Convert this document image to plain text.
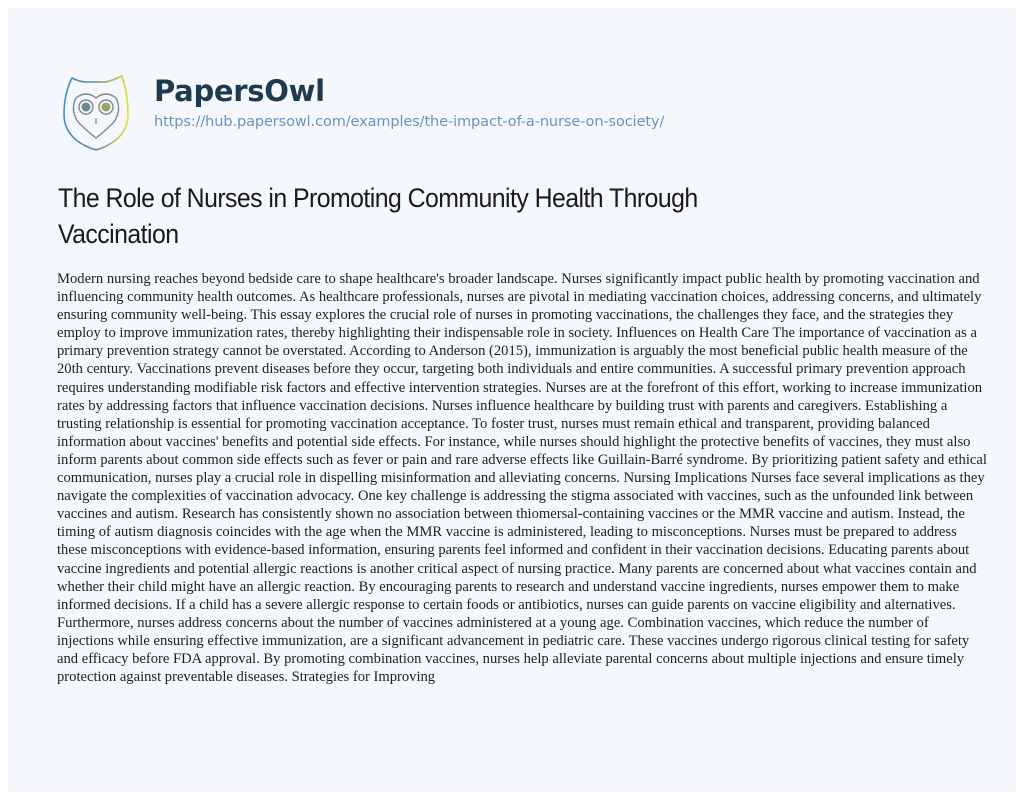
PapersOwl
https://hub.papersowl.com/examples/the-impact-of-a-nurse-on-society/
The Role of Nurses in Promoting Community Health Through Vaccination

Modern nursing reaches beyond bedside care to shape healthcare's broader landscape. Nurses significantly impact public health by promoting vaccination and influencing community health outcomes. As healthcare professionals, nurses are pivotal in mediating vaccination choices, addressing concerns, and ultimately ensuring community well-being. This essay explores the crucial role of nurses in promoting vaccinations, the challenges they face, and the strategies they employ to improve immunization rates, thereby highlighting their indispensable role in society. Influences on Health Care The importance of vaccination as a primary prevention strategy cannot be overstated. According to Anderson (2015), immunization is arguably the most beneficial public health measure of the 20th century. Vaccinations prevent diseases before they occur, targeting both individuals and entire communities. A successful primary prevention approach requires understanding modifiable risk factors and effective intervention strategies. Nurses are at the forefront of this effort, working to increase immunization rates by addressing factors that influence vaccination decisions. Nurses influence healthcare by building trust with parents and caregivers. Establishing a trusting relationship is essential for promoting vaccination acceptance. To foster trust, nurses must remain ethical and transparent, providing balanced information about vaccines' benefits and potential side effects. For instance, while nurses should highlight the protective benefits of vaccines, they must also inform parents about common side effects such as fever or pain and rare adverse effects like Guillain-Barré syndrome. By prioritizing patient safety and ethical communication, nurses play a crucial role in dispelling misinformation and alleviating concerns. Nursing Implications Nurses face several implications as they navigate the complexities of vaccination advocacy. One key challenge is addressing the stigma associated with vaccines, such as the unfounded link between vaccines and autism. Research has consistently shown no association between thiomersal-containing vaccines or the MMR vaccine and autism. Instead, the timing of autism diagnosis coincides with the age when the MMR vaccine is administered, leading to misconceptions. Nurses must be prepared to address these misconceptions with evidence-based information, ensuring parents feel informed and confident in their vaccination decisions. Educating parents about vaccine ingredients and potential allergic reactions is another critical aspect of nursing practice. Many parents are concerned about what vaccines contain and whether their child might have an allergic reaction. By encouraging parents to research and understand vaccine ingredients, nurses empower them to make informed decisions. If a child has a severe allergic response to certain foods or antibiotics, nurses can guide parents on vaccine eligibility and alternatives. Furthermore, nurses address concerns about the number of vaccines administered at a young age. Combination vaccines, which reduce the number of injections while ensuring effective immunization, are a significant advancement in pediatric care. These vaccines undergo rigorous clinical testing for safety and efficacy before FDA approval. By promoting combination vaccines, nurses help alleviate parental concerns about multiple injections and ensure timely protection against preventable diseases. Strategies for Improving
